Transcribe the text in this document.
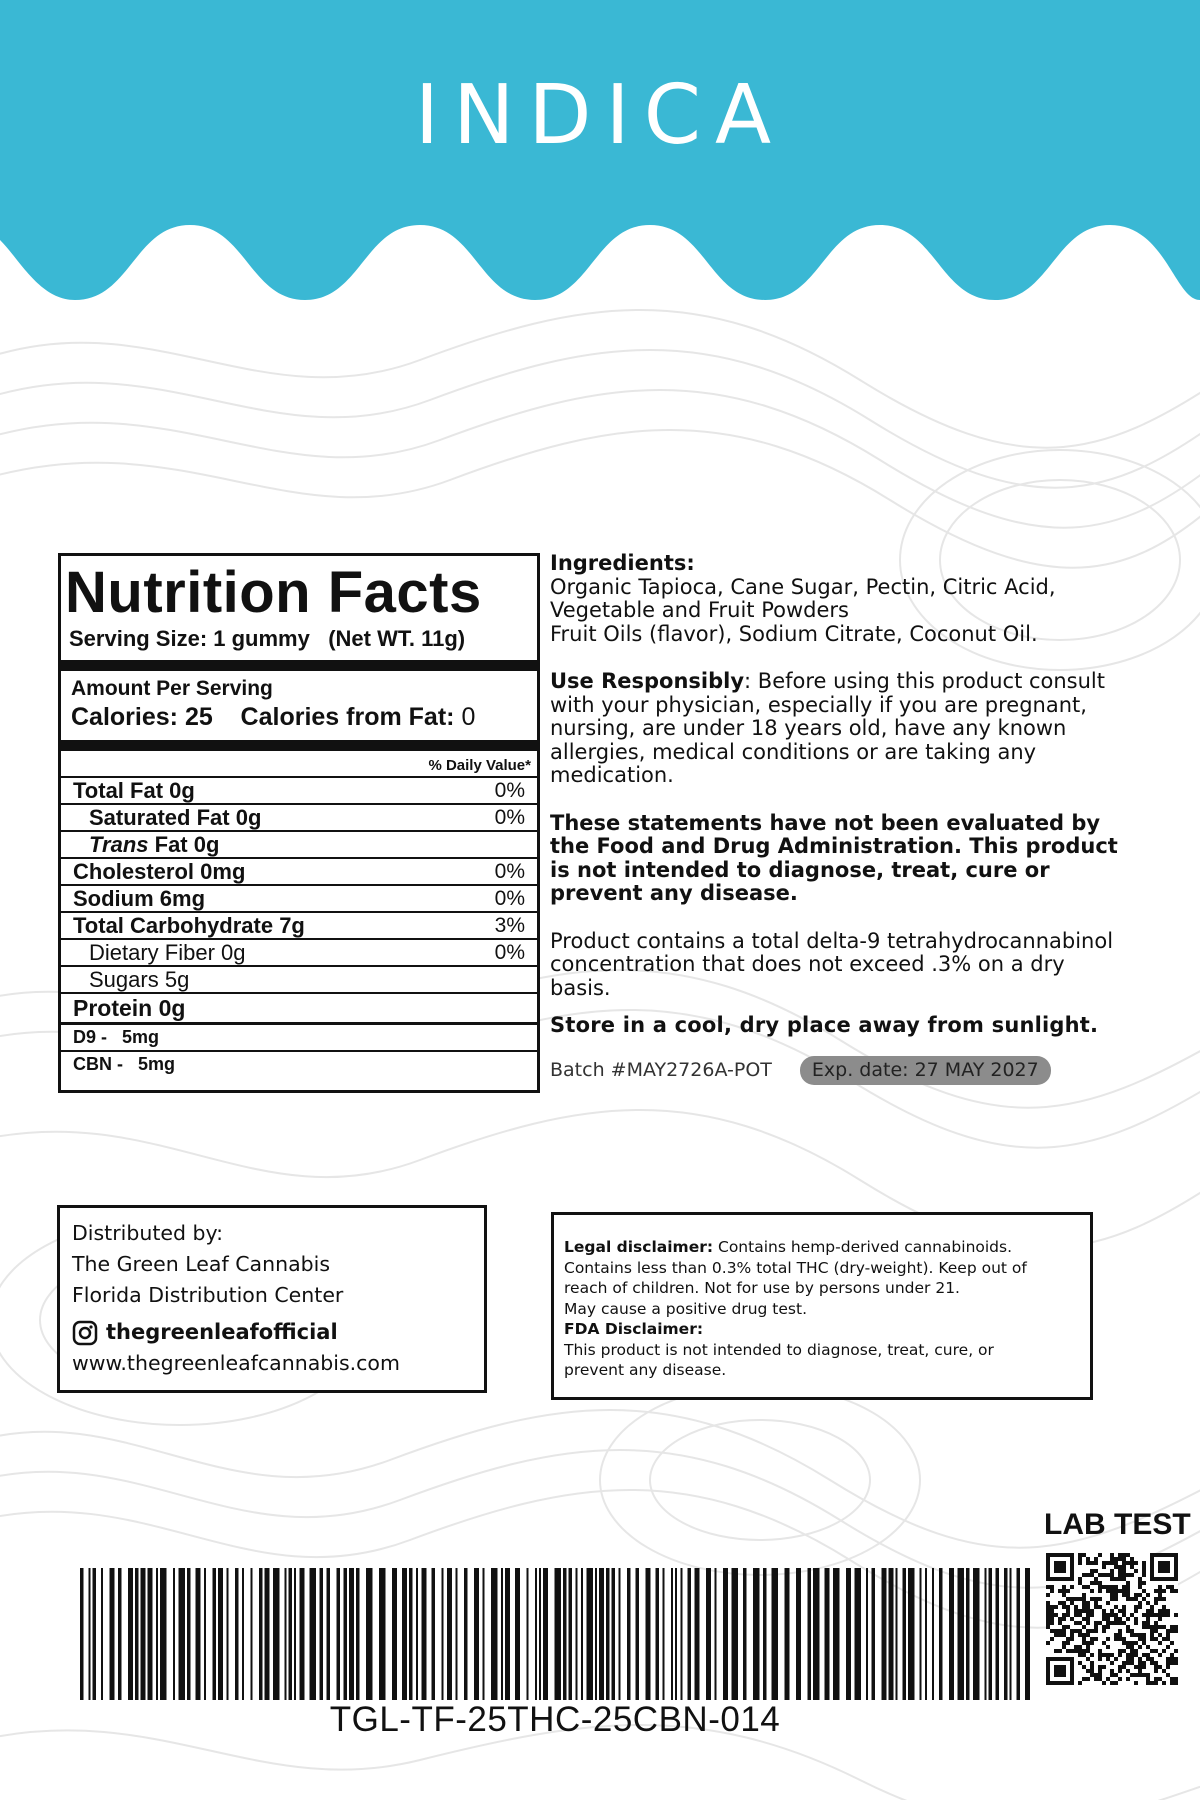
INDICA
Nutrition Facts
Serving Size: 1 gummy (Net WT. 11g)
Amount Per Serving
Calories: 25 Calories from Fat: 0
% Daily Value*
Total Fat 0g	0%
Saturated Fat 0g	0%
Trans Fat 0g
Cholesterol 0mg	0%
Sodium 6mg	0%
Total Carbohydrate 7g	3%
Dietary Fiber 0g	0%
Sugars 5g
Protein 0g
D9 - 5mg
CBN - 5mg

Ingredients:

Organic Tapioca, Cane Sugar, Pectin, Citric Acid,

Vegetable and Fruit Powders

Fruit Oils (flavor), Sodium Citrate, Coconut Oil.

Use Responsibly: Before using this product consult with your physician, especially if you are pregnant, nursing, are under 18 years old, have any known allergies, medical conditions or are taking any medication.

These statements have not been evaluated by the Food and Drug Administration. This product is not intended to diagnose, treat, cure or prevent any disease.

Product contains a total delta-9 tetrahydrocannabinol concentration that does not exceed .3% on a dry basis.

Store in a cool, dry place away from sunlight.

Batch #MAY2726A-POT	Exp. date: 27 MAY 2027
Distributed by:
The Green Leaf Cannabis
Florida Distribution Center
thegreenleafofficial
www.thegreenleafcannabis.com

Legal disclaimer: Contains hemp-derived cannabinoids.

Contains less than 0.3% total THC (dry-weight). Keep out of

reach of children. Not for use by persons under 21.

May cause a positive drug test.

FDA Disclaimer:

This product is not intended to diagnose, treat, cure, or

prevent any disease.

LAB TEST
TGL-TF-25THC-25CBN-014
